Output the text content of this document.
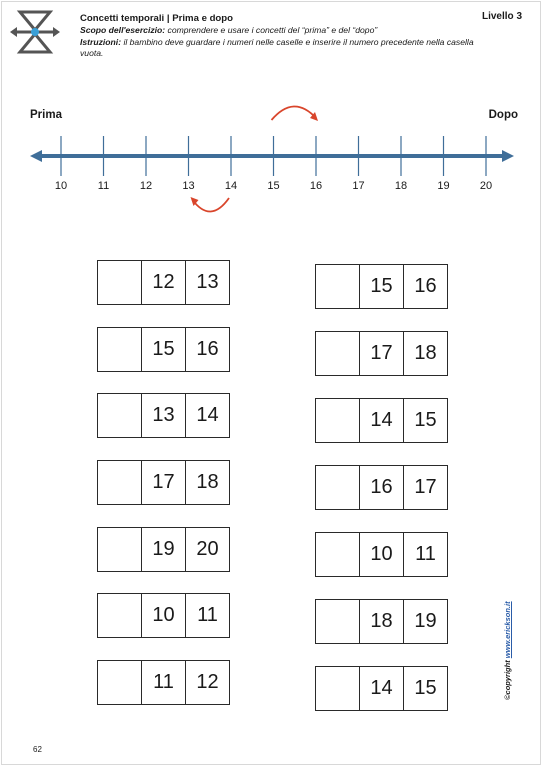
Concetti temporali | Prima e dopo
Scopo dell'esercizio: comprendere e usare i concetti del “prima” e del “dopo”
Istruzioni: il bambino deve guardare i numeri nelle caselle e inserire il numero precedente nella casella vuota.
Livello 3
Prima	Dopo
10	11	12	13	14	15	16	17	18	19	20
12	13
15	16
13	14
17	18
19	20
10	11
11	12
15	16
17	18
14	15
16	17
10	11
18	19
14	15	©copyright www.erickson.it
62
